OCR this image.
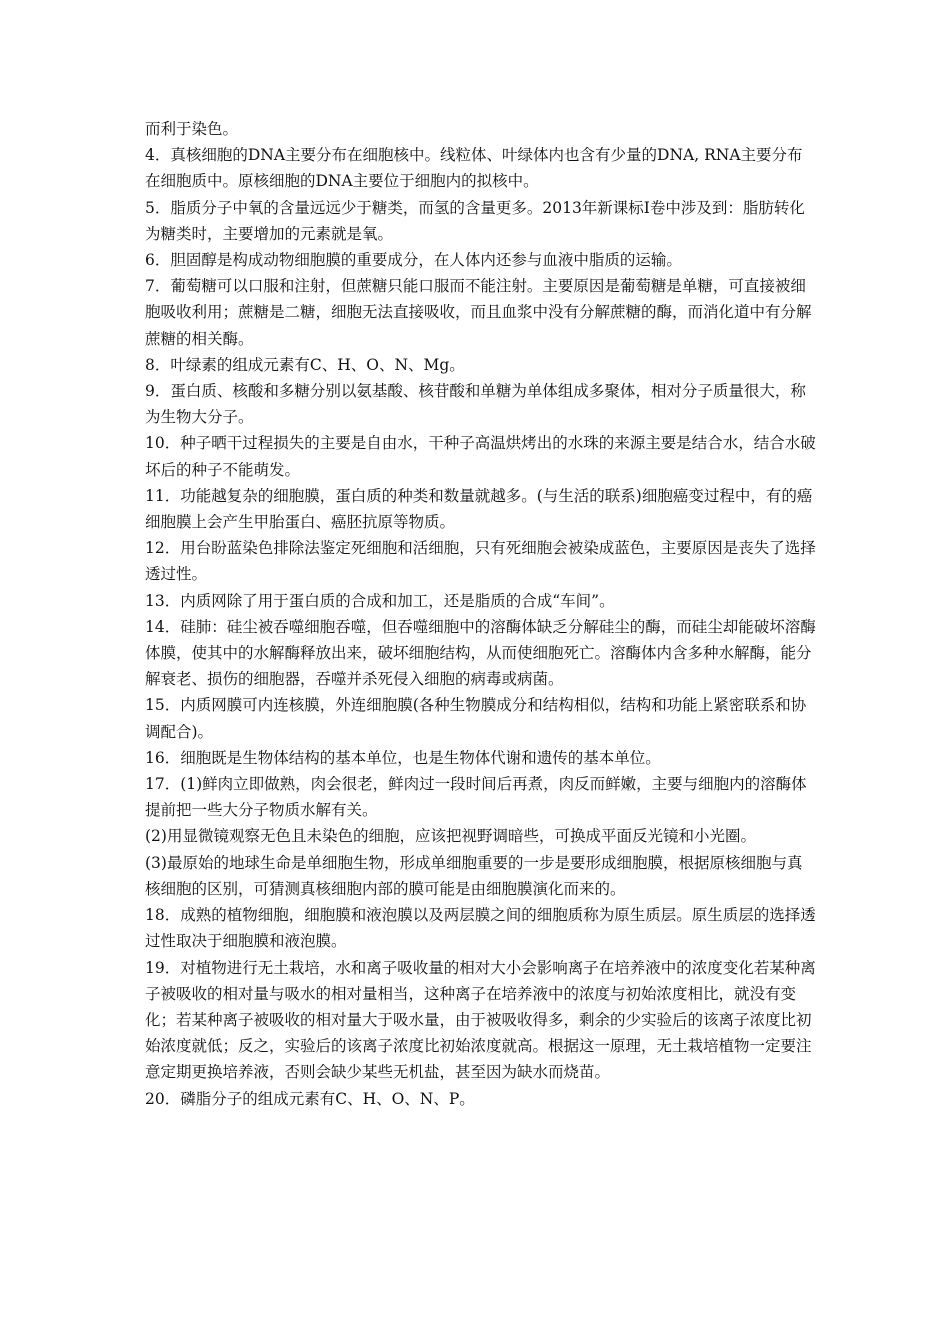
而利于染色。

4．真核细胞的DNA主要分布在细胞核中。线粒体、叶绿体内也含有少量的DNA, RNA主要分布在细胞质中。原核细胞的DNA主要位于细胞内的拟核中。

5．脂质分子中氧的含量远远少于糖类，而氢的含量更多。2013年新课标Ⅰ卷中涉及到：脂肪转化为糖类时，主要增加的元素就是氧。

6．胆固醇是构成动物细胞膜的重要成分，在人体内还参与血液中脂质的运输。

7．葡萄糖可以口服和注射，但蔗糖只能口服而不能注射。主要原因是葡萄糖是单糖，可直接被细胞吸收利用；蔗糖是二糖，细胞无法直接吸收，而且血浆中没有分解蔗糖的酶，而消化道中有分解蔗糖的相关酶。

8．叶绿素的组成元素有C、H、O、N、Mg。

9．蛋白质、核酸和多糖分别以氨基酸、核苷酸和单糖为单体组成多聚体，相对分子质量很大，称为生物大分子。

10．种子晒干过程损失的主要是自由水，干种子高温烘烤出的水珠的来源主要是结合水，结合水破坏后的种子不能萌发。

11．功能越复杂的细胞膜，蛋白质的种类和数量就越多。(与生活的联系)细胞癌变过程中，有的癌细胞膜上会产生甲胎蛋白、癌胚抗原等物质。

12．用台盼蓝染色排除法鉴定死细胞和活细胞，只有死细胞会被染成蓝色，主要原因是丧失了选择透过性。

13．内质网除了用于蛋白质的合成和加工，还是脂质的合成“车间”。

14．硅肺：硅尘被吞噬细胞吞噬，但吞噬细胞中的溶酶体缺乏分解硅尘的酶，而硅尘却能破坏溶酶体膜，使其中的水解酶释放出来，破坏细胞结构，从而使细胞死亡。溶酶体内含多种水解酶，能分解衰老、损伤的细胞器，吞噬并杀死侵入细胞的病毒或病菌。

15．内质网膜可内连核膜，外连细胞膜(各种生物膜成分和结构相似，结构和功能上紧密联系和协调配合)。

16．细胞既是生物体结构的基本单位，也是生物体代谢和遗传的基本单位。

17．(1)鲜肉立即做熟，肉会很老，鲜肉过一段时间后再煮，肉反而鲜嫩，主要与细胞内的溶酶体提前把一些大分子物质水解有关。

(2)用显微镜观察无色且未染色的细胞，应该把视野调暗些，可换成平面反光镜和小光圈。

(3)最原始的地球生命是单细胞生物，形成单细胞重要的一步是要形成细胞膜，根据原核细胞与真核细胞的区别，可猜测真核细胞内部的膜可能是由细胞膜演化而来的。

18．成熟的植物细胞，细胞膜和液泡膜以及两层膜之间的细胞质称为原生质层。原生质层的选择透过性取决于细胞膜和液泡膜。

19．对植物进行无土栽培，水和离子吸收量的相对大小会影响离子在培养液中的浓度变化若某种离子被吸收的相对量与吸水的相对量相当，这种离子在培养液中的浓度与初始浓度相比，就没有变化；若某种离子被吸收的相对量大于吸水量，由于被吸收得多，剩余的少实验后的该离子浓度比初始浓度就低；反之，实验后的该离子浓度比初始浓度就高。根据这一原理，无土栽培植物一定要注意定期更换培养液，否则会缺少某些无机盐，甚至因为缺水而烧苗。

20．磷脂分子的组成元素有C、H、O、N、P。
